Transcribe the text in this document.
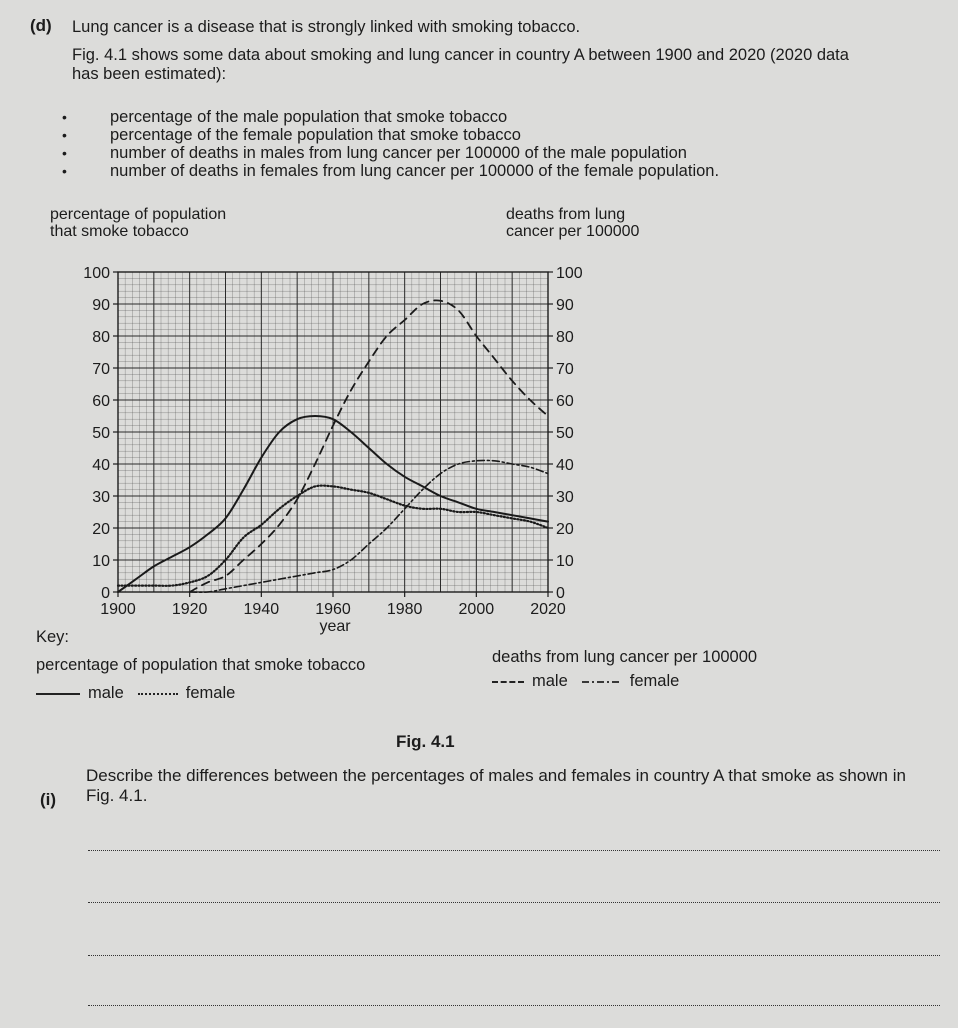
(d) Lung cancer is a disease that is strongly linked with smoking tobacco.
Fig. 4.1 shows some data about smoking and lung cancer in country A between 1900 and 2020 (2020 data has been estimated):
• percentage of the male population that smoke tobacco
• percentage of the female population that smoke tobacco
• number of deaths in males from lung cancer per 100000 of the male population
• number of deaths in females from lung cancer per 100000 of the female population.
percentage of population that smoke tobacco
deaths from lung cancer per 100000
0
10
20
30
40
50
60
70
80
90
100
0
10
20
30
40
50
60
70
80
90
100
1900 1920 1940 1960 1980 2000 2020
year
Key:
percentage of population that smoke tobacco	deaths from lung cancer per 100000
male	female
male	female
Fig. 4.1
(i)
Describe the differences between the percentages of males and females in country A that smoke as shown in Fig. 4.1.
